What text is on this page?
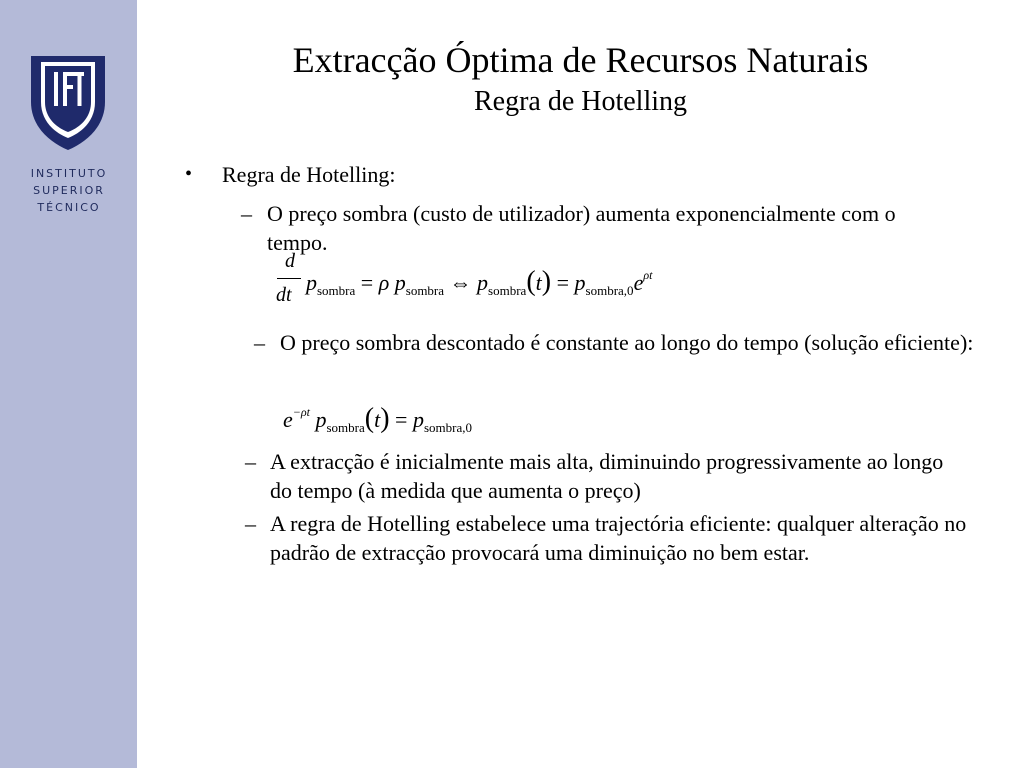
INSTITUTO
SUPERIOR
TÉCNICO
Extracção Óptima de Recursos Naturais
Regra de Hotelling
• Regra de Hotelling:
– O preço sombra (custo de utilizador) aumenta exponencialmente com o tempo.
d
dt $p_{sombra} = \rho$ $p_{sombra}$ ⇔ $p_{sombra}(t) = p_{sombra,0}e^{\rho t}$
– O preço sombra descontado é constante ao longo do tempo (solução eficiente):
$e^{-\rho t}$ $p_{sombra}(t) = p_{sombra,0}$
– A extracção é inicialmente mais alta, diminuindo progressivamente ao longo do tempo (à medida que aumenta o preço)
– A regra de Hotelling estabelece uma trajectória eficiente: qualquer alteração no padrão de extracção provocará uma diminuição no bem estar.
